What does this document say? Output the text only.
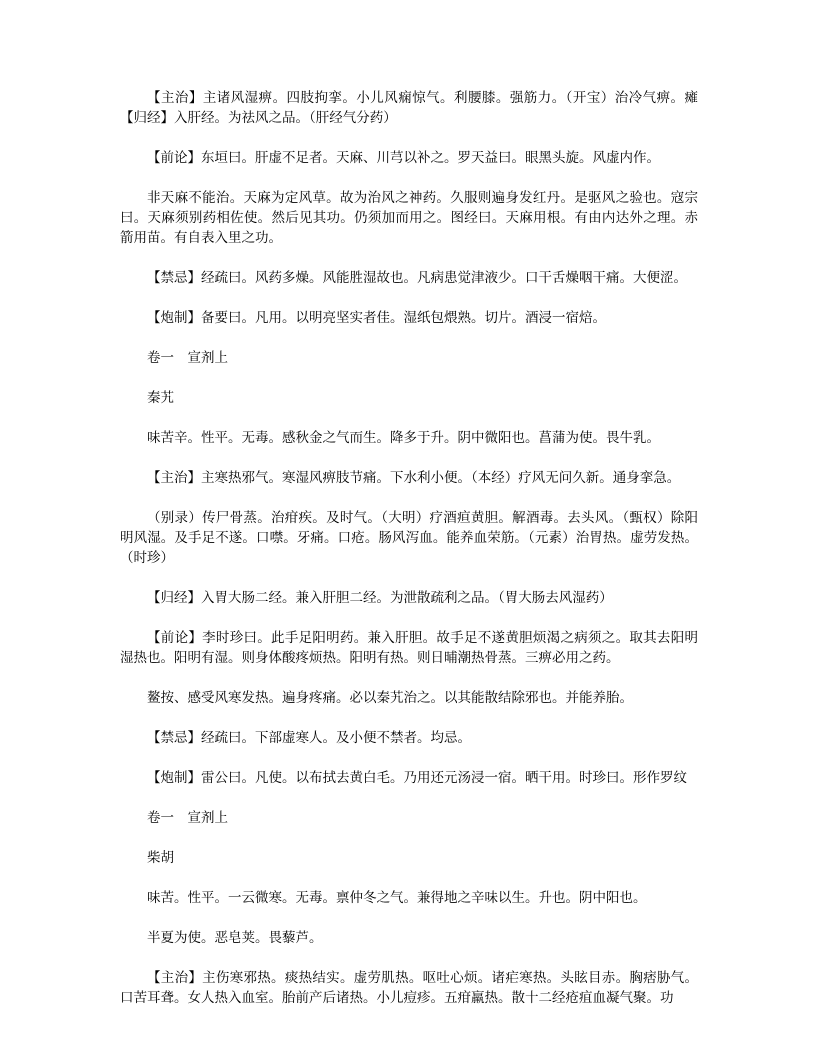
【主治】主诸风湿痹。四肢拘挛。小儿风痫惊气。利腰膝。强筋力。（开宝）治冷气痹。瘫【归经】入肝经。为祛风之品。（肝经气分药）

【前论】东垣曰。肝虚不足者。天麻、川芎以补之。罗天益曰。眼黑头旋。风虚内作。

非天麻不能治。天麻为定风草。故为治风之神药。久服则遍身发红丹。是驱风之验也。寇宗曰。天麻须别药相佐使。然后见其功。仍须加而用之。图经曰。天麻用根。有由内达外之理。赤箭用苗。有自表入里之功。

【禁忌】经疏曰。风药多燥。风能胜湿故也。凡病患觉津液少。口干舌燥咽干痛。大便涩。

【炮制】备要曰。凡用。以明亮坚实者佳。湿纸包煨熟。切片。酒浸一宿焙。

卷一　宣剂上

秦艽

味苦辛。性平。无毒。感秋金之气而生。降多于升。阴中微阳也。菖蒲为使。畏牛乳。

【主治】主寒热邪气。寒湿风痹肢节痛。下水利小便。（本经）疗风无问久新。通身挛急。

（别录）传尸骨蒸。治疳疾。及时气。（大明）疗酒疸黄胆。解酒毒。去头风。（甄权）除阳明风湿。及手足不遂。口噤。牙痛。口疮。肠风泻血。能养血荣筋。（元素）治胃热。虚劳发热。（时珍）

【归经】入胃大肠二经。兼入肝胆二经。为泄散疏利之品。（胃大肠去风湿药）

【前论】李时珍曰。此手足阳明药。兼入肝胆。故手足不遂黄胆烦渴之病须之。取其去阳明湿热也。阳明有湿。则身体酸疼烦热。阳明有热。则日晡潮热骨蒸。三痹必用之药。

鳌按、感受风寒发热。遍身疼痛。必以秦艽治之。以其能散结除邪也。并能养胎。

【禁忌】经疏曰。下部虚寒人。及小便不禁者。均忌。

【炮制】雷公曰。凡使。以布拭去黄白毛。乃用还元汤浸一宿。晒干用。时珍曰。形作罗纹

卷一　宣剂上

柴胡

味苦。性平。一云微寒。无毒。禀仲冬之气。兼得地之辛味以生。升也。阴中阳也。

半夏为使。恶皂荚。畏藜芦。

【主治】主伤寒邪热。痰热结实。虚劳肌热。呕吐心烦。诸疟寒热。头眩目赤。胸痞胁气。口苦耳聋。女人热入血室。胎前产后诸热。小儿痘疹。五疳羸热。散十二经疮疽血凝气聚。功
